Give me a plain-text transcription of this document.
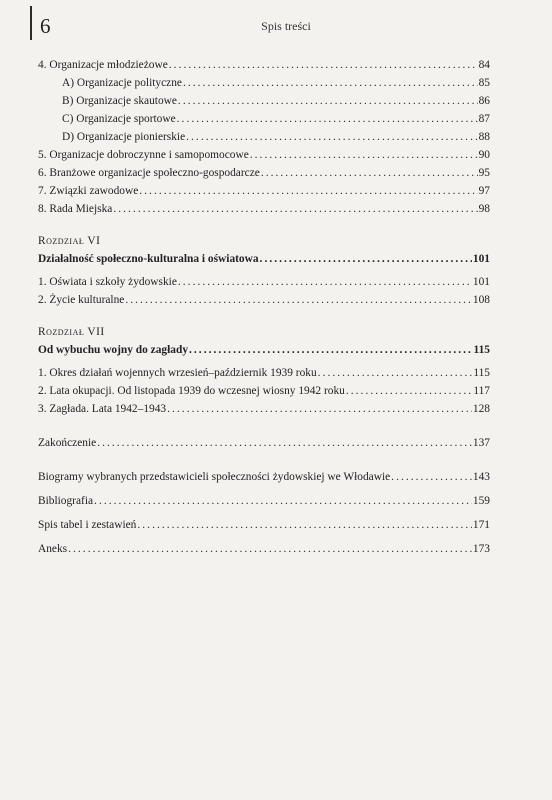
6	Spis treści
4. Organizacje młodzieżowe . . .	84
A) Organizacje polityczne . . .	85
B) Organizacje skautowe . . .	86
C) Organizacje sportowe . . .	87
D) Organizacje pionierskie . . .	88
5. Organizacje dobroczynne i samopomocowe . . .	90
6. Branżowe organizacje społeczno-gospodarcze . . .	95
7. Związki zawodowe . . .	97
8. Rada Miejska . . .	98
Rozdział VI
Działalność społeczno-kulturalna i oświatowa . . .	101
1. Oświata i szkoły żydowskie . . .	101
2. Życie kulturalne . . .	108
Rozdział VII
Od wybuchu wojny do zagłady . . .	115
1. Okres działań wojennych wrzesień–październik 1939 roku . . .	115
2. Lata okupacji. Od listopada 1939 do wczesnej wiosny 1942 roku . . .	117
3. Zagłada. Lata 1942–1943 . . .	128
Zakończenie . . .	137
Biogramy wybranych przedstawicieli społeczności żydowskiej we Włodawie . . .	143
Bibliografia . . .	159
Spis tabel i zestawień . . .	171
Aneks . . .	173
